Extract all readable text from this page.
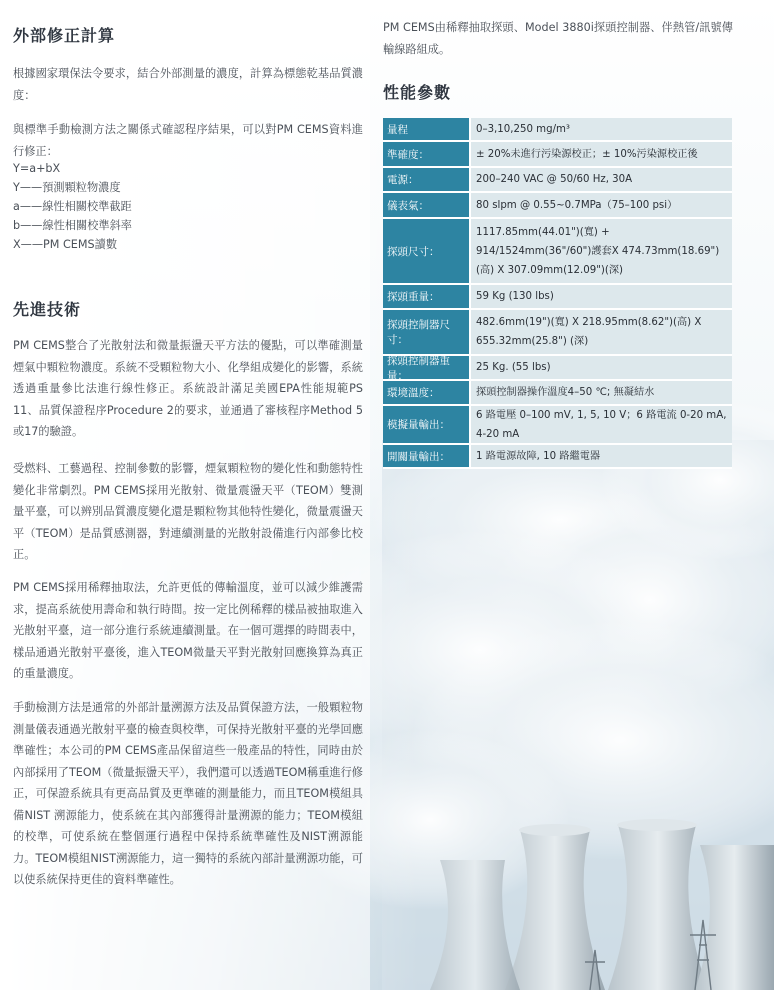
外部修正計算

根據國家環保法令要求，結合外部測量的濃度，計算為標態乾基品質濃度：

與標準手動檢測方法之關係式確認程序結果，可以對PM CEMS資料進行修正：

Y=a+bX
Y——預測顆粒物濃度
a——線性相關校準截距
b——線性相關校準斜率
X——PM CEMS讀數
先進技術

PM CEMS整合了光散射法和微量振盪天平方法的優點，可以準確測量煙氣中顆粒物濃度。系統不受顆粒物大小、化學組成變化的影響，系統透過重量參比法進行線性修正。系統設計滿足美國EPA性能規範PS 11、品質保證程序Procedure 2的要求，並通過了審核程序Method 5或17的驗證。

受燃料、工藝過程、控制參數的影響，煙氣顆粒物的變化性和動態特性變化非常劇烈。PM CEMS採用光散射、微量震盪天平（TEOM）雙測量平臺，可以辨別品質濃度變化還是顆粒物其他特性變化，微量震盪天平（TEOM）是品質感測器，對連續測量的光散射設備進行內部參比校正。

PM CEMS採用稀釋抽取法，允許更低的傳輸溫度，並可以減少維護需求，提高系統使用壽命和執行時間。按一定比例稀釋的樣品被抽取進入光散射平臺，這一部分進行系統連續測量。在一個可選擇的時間表中，樣品通過光散射平臺後，進入TEOM微量天平對光散射回應換算為真正的重量濃度。

手動檢測方法是通常的外部計量溯源方法及品質保證方法，一般顆粒物測量儀表通過光散射平臺的檢查與校準，可保持光散射平臺的光學回應準確性；本公司的PM CEMS產品保留這些一般產品的特性，同時由於內部採用了TEOM（微量振盪天平），我們還可以透過TEOM稱重進行修正，可保證系統具有更高品質及更準確的測量能力，而且TEOM模組具備NIST 溯源能力，使系統在其內部獲得計量溯源的能力；TEOM模組的校準，可使系統在整個運行過程中保持系統準確性及NIST溯源能力。TEOM模組NIST溯源能力，這一獨特的系統內部計量溯源功能，可以使系統保持更佳的資料準確性。

PM CEMS由稀釋抽取探頭、Model 3880i探頭控制器、伴熱管/訊號傳輸線路組成。

性能參數
量程	0–3,10,250 mg/m³
準確度：	± 20%未進行污染源校正；± 10%污染源校正後
電源：	200–240 VAC @ 50/60 Hz, 30A
儀表氣：	80 slpm @ 0.55~0.7MPa（75–100 psi）
探頭尺寸：
1117.85mm(44.01")(寬) + 914/1524mm(36"/60")護套X 474.73mm(18.69")(高) X 307.09mm(12.09")(深)
探頭重量：	59 Kg (130 lbs)
探頭控制器尺寸：
482.6mm(19")(寬) X 218.95mm(8.62")(高) X 655.32mm(25.8") (深)
探頭控制器重量：
25 Kg. (55 lbs)
環境溫度：	探頭控制器操作溫度4–50 ℃; 無凝結水
模擬量輸出：
6 路電壓 0–100 mV, 1, 5, 10 V；6 路電流 0-20 mA, 4-20 mA
開關量輸出：	1 路電源故障, 10 路繼電器
